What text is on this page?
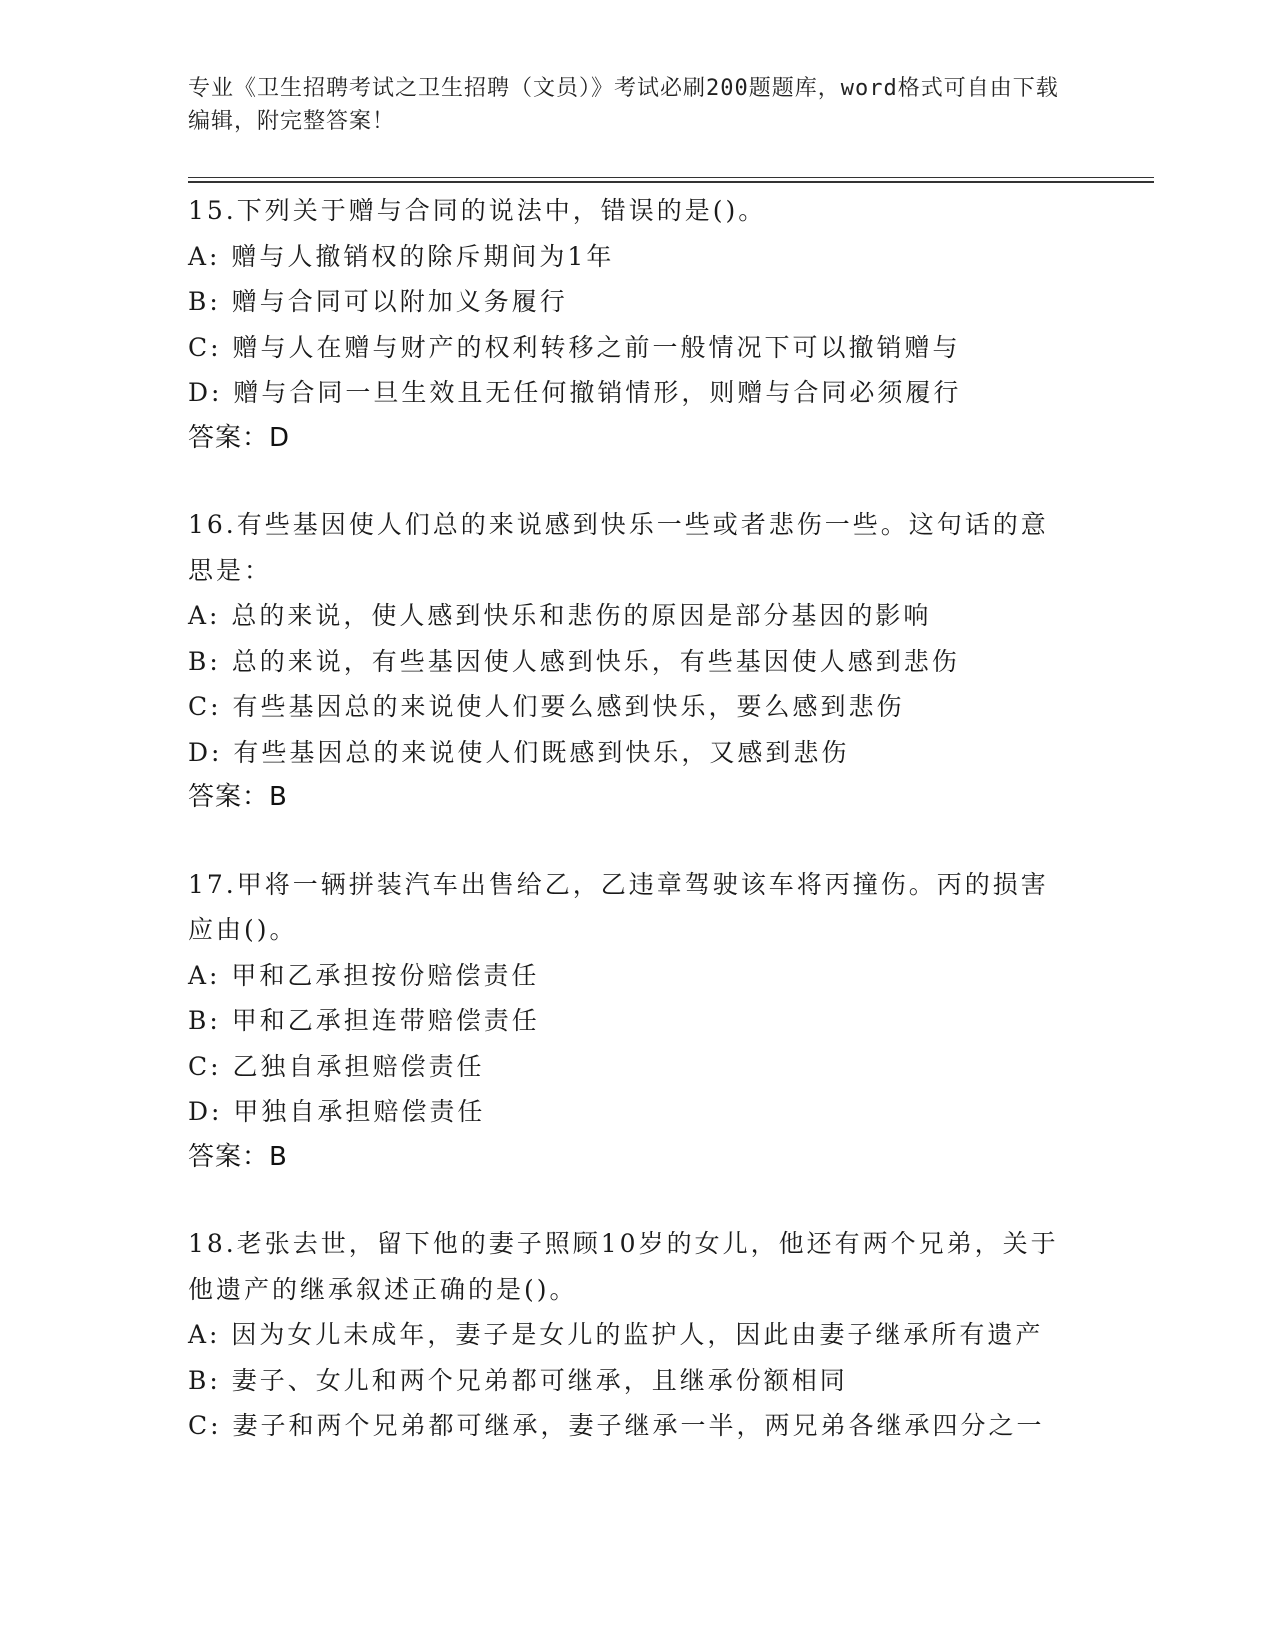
专业《卫生招聘考试之卫生招聘（文员）》考试必刷200题题库，word格式可自由下载编辑，附完整答案！
15.下列关于赠与合同的说法中，错误的是()。
A: 赠与人撤销权的除斥期间为1年
B: 赠与合同可以附加义务履行
C: 赠与人在赠与财产的权利转移之前一般情况下可以撤销赠与
D: 赠与合同一旦生效且无任何撤销情形，则赠与合同必须履行
答案：D
16.有些基因使人们总的来说感到快乐一些或者悲伤一些。这句话的意思是：
A: 总的来说，使人感到快乐和悲伤的原因是部分基因的影响
B: 总的来说，有些基因使人感到快乐，有些基因使人感到悲伤
C: 有些基因总的来说使人们要么感到快乐，要么感到悲伤
D: 有些基因总的来说使人们既感到快乐，又感到悲伤
答案：B
17.甲将一辆拼装汽车出售给乙，乙违章驾驶该车将丙撞伤。丙的损害应由()。
A: 甲和乙承担按份赔偿责任
B: 甲和乙承担连带赔偿责任
C: 乙独自承担赔偿责任
D: 甲独自承担赔偿责任
答案：B
18.老张去世，留下他的妻子照顾10岁的女儿，他还有两个兄弟，关于他遗产的继承叙述正确的是()。
A: 因为女儿未成年，妻子是女儿的监护人，因此由妻子继承所有遗产
B: 妻子、女儿和两个兄弟都可继承，且继承份额相同
C: 妻子和两个兄弟都可继承，妻子继承一半，两兄弟各继承四分之一
